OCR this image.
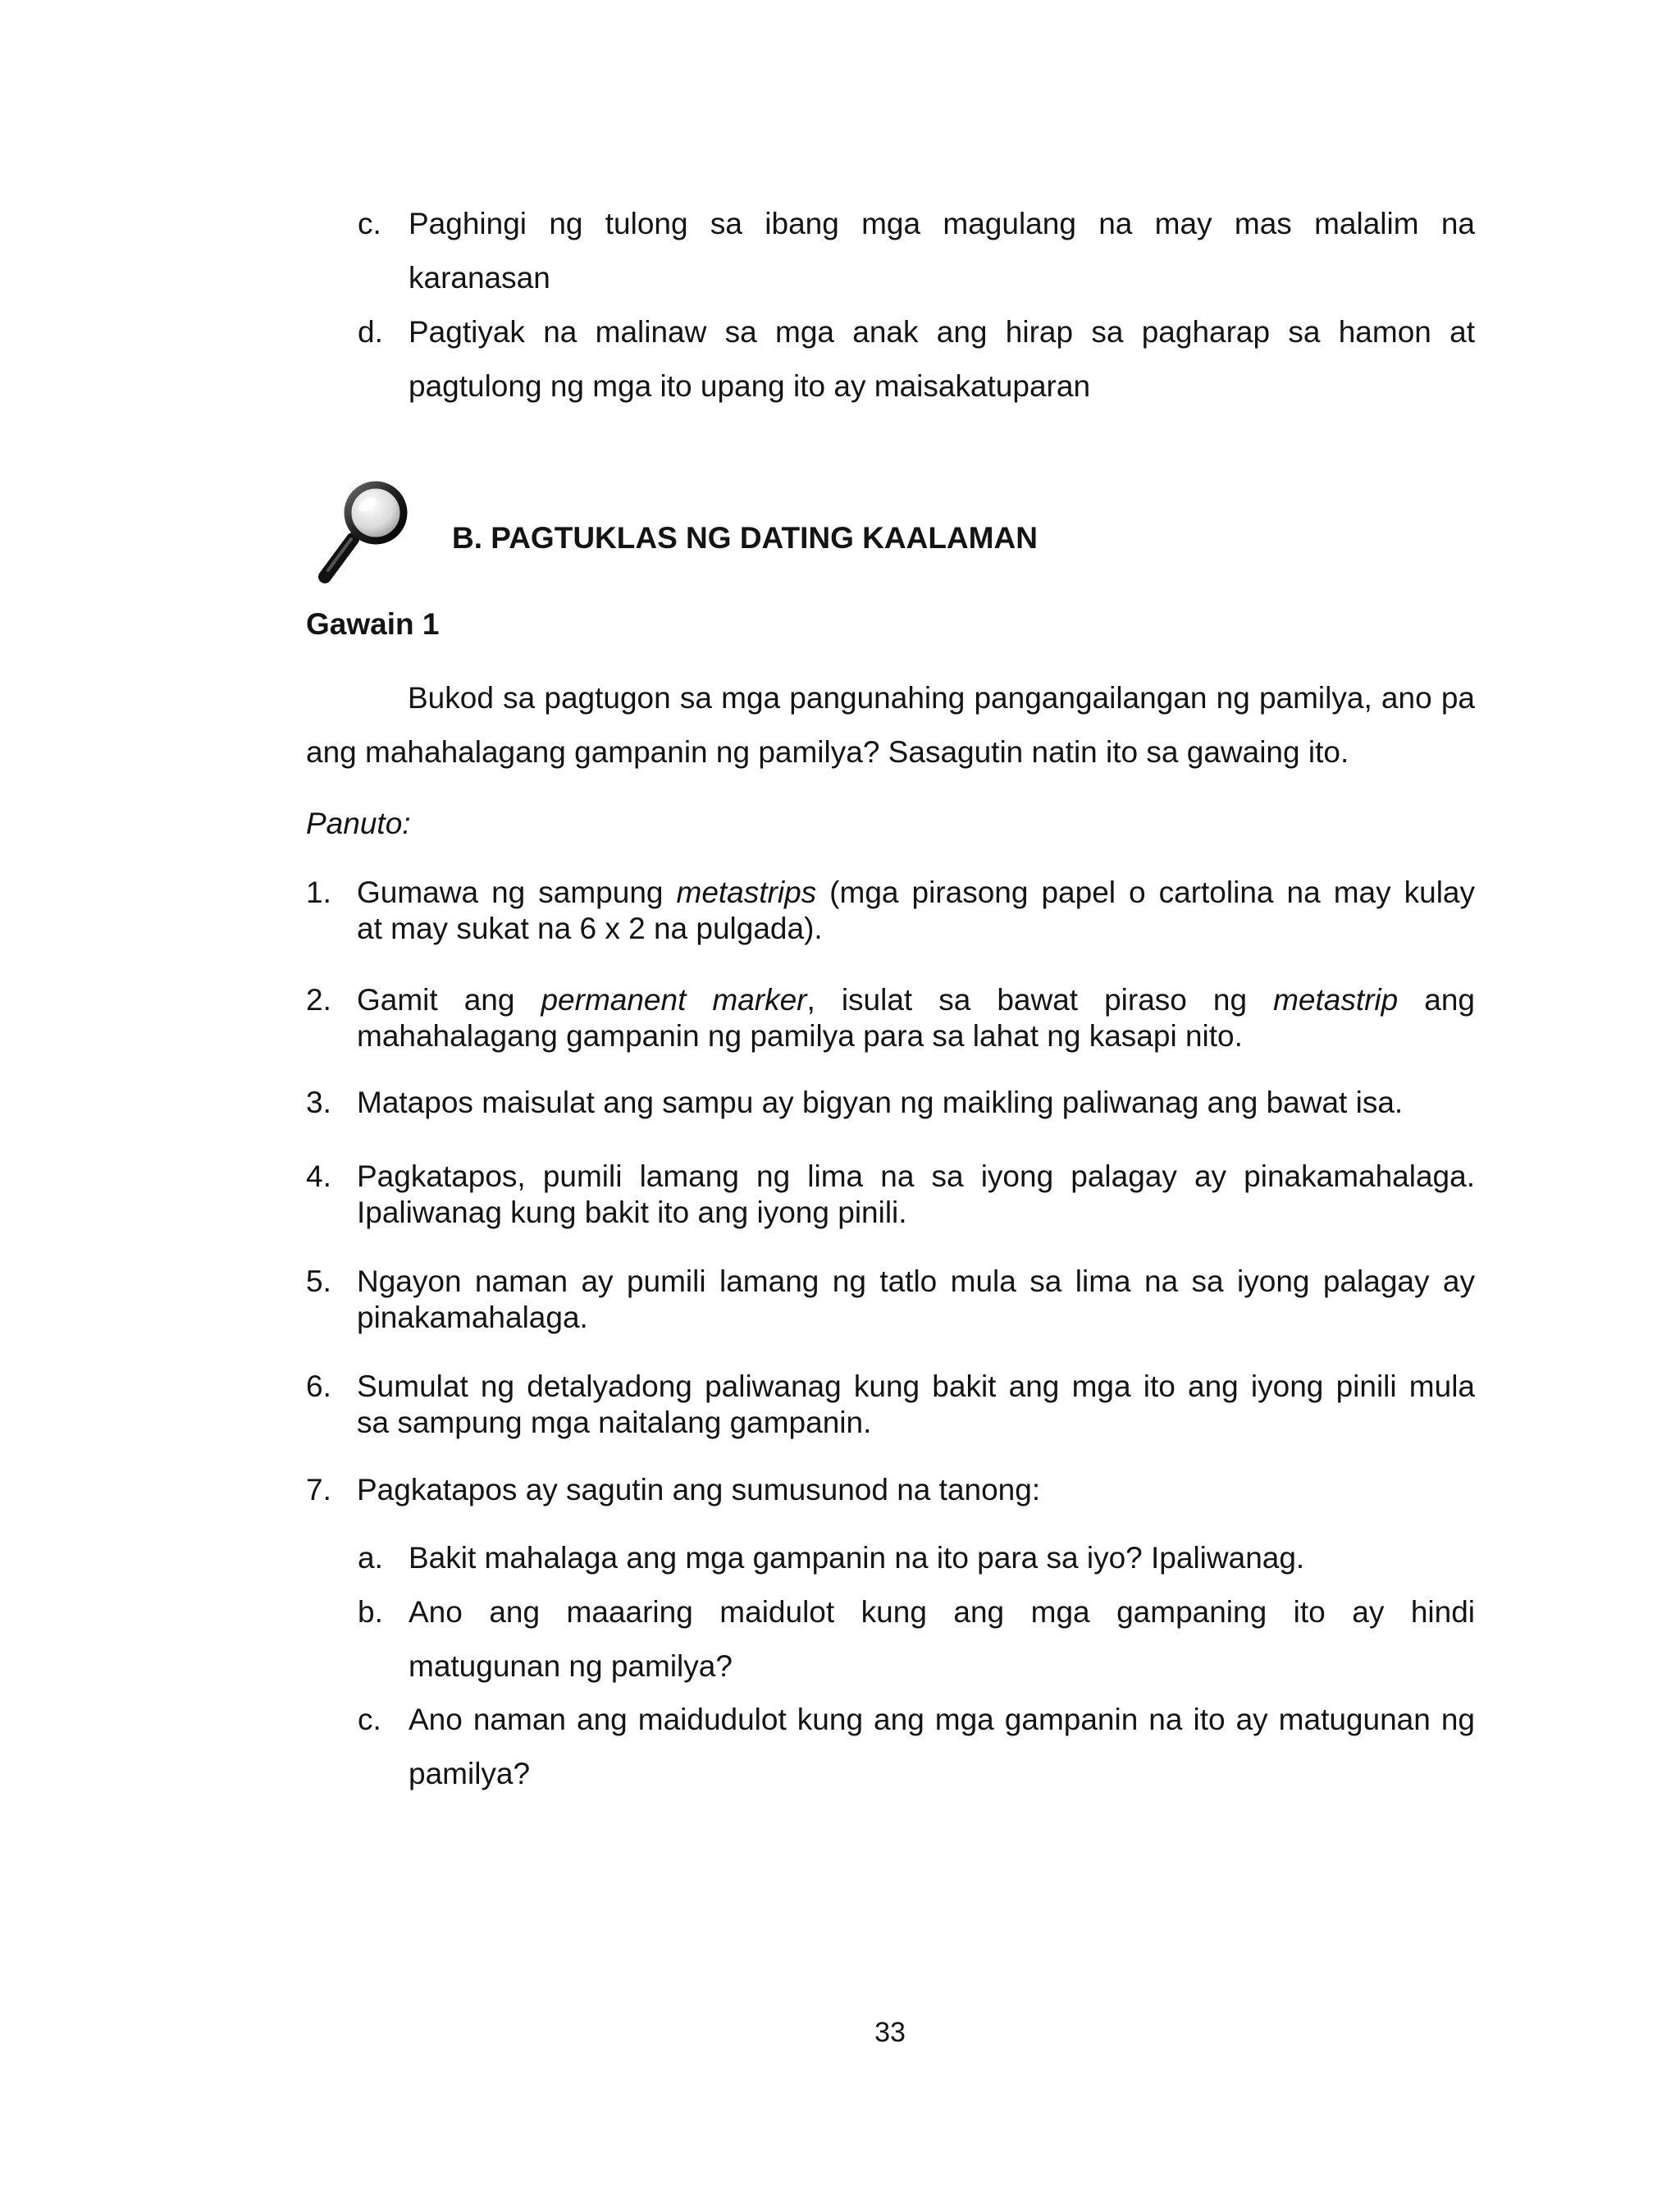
c. Paghingi ng tulong sa ibang mga magulang na may mas malalim na
karanasan
d. Pagtiyak na malinaw sa mga anak ang hirap sa pagharap sa hamon at
pagtulong ng mga ito upang ito ay maisakatuparan
B. PAGTUKLAS NG DATING KAALAMAN
Gawain 1
Bukod sa pagtugon sa mga pangunahing pangangailangan ng pamilya, ano pa ang mahahalagang gampanin ng pamilya? Sasagutin natin ito sa gawaing ito.
Panuto:
1. Gumawa ng sampung metastrips (mga pirasong papel o cartolina na may kulay
at may sukat na 6 x 2 na pulgada).
2. Gamit ang permanent marker, isulat sa bawat piraso ng metastrip ang
mahahalagang gampanin ng pamilya para sa lahat ng kasapi nito.
3. Matapos maisulat ang sampu ay bigyan ng maikling paliwanag ang bawat isa.
4. Pagkatapos, pumili lamang ng lima na sa iyong palagay ay pinakamahalaga.
Ipaliwanag kung bakit ito ang iyong pinili.
5. Ngayon naman ay pumili lamang ng tatlo mula sa lima na sa iyong palagay ay
pinakamahalaga.
6. Sumulat ng detalyadong paliwanag kung bakit ang mga ito ang iyong pinili mula
sa sampung mga naitalang gampanin.
7. Pagkatapos ay sagutin ang sumusunod na tanong:
a. Bakit mahalaga ang mga gampanin na ito para sa iyo? Ipaliwanag.
b. Ano ang maaaring maidulot kung ang mga gampaning ito ay hindi
matugunan ng pamilya?
c. Ano naman ang maidudulot kung ang mga gampanin na ito ay matugunan ng
pamilya?
33
